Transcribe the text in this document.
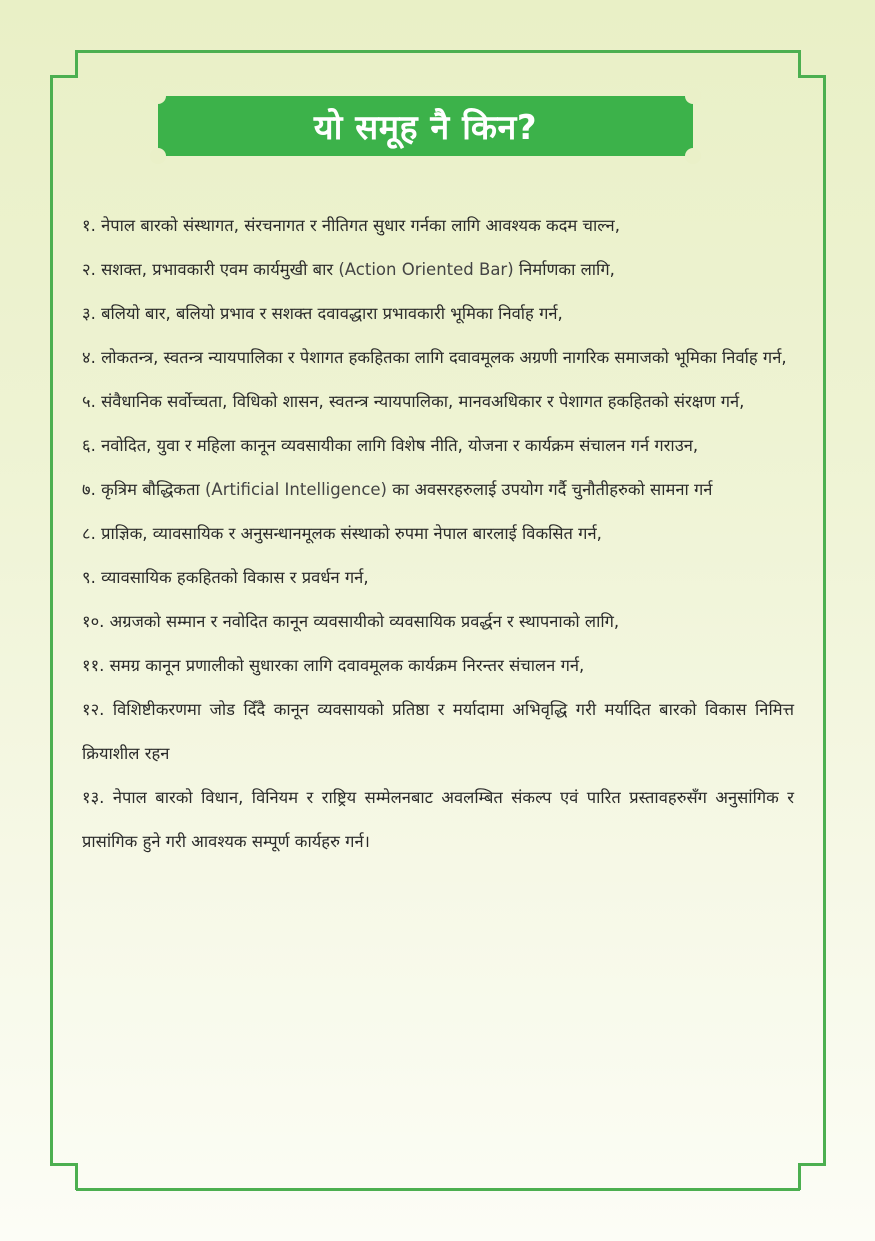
यो समूह नै किन?

१. नेपाल बारको संस्थागत, संरचनागत र नीतिगत सुधार गर्नका लागि आवश्यक कदम चाल्न,

२. सशक्त, प्रभावकारी एवम कार्यमुखी बार (Action Oriented Bar) निर्माणका लागि,

३. बलियो बार, बलियो प्रभाव र सशक्त दवावद्धारा प्रभावकारी भूमिका निर्वाह गर्न,

४. लोकतन्त्र, स्वतन्त्र न्यायपालिका र पेशागत हकहितका लागि दवावमूलक अग्रणी नागरिक समाजको भूमिका निर्वाह गर्न,

५. संवैधानिक सर्वोच्चता, विधिको शासन, स्वतन्त्र न्यायपालिका, मानवअधिकार र पेशागत हकहितको संरक्षण गर्न,

६. नवोदित, युवा र महिला कानून व्यवसायीका लागि विशेष नीति, योजना र कार्यक्रम संचालन गर्न गराउन,

७. कृत्रिम बौद्धिकता (Artificial Intelligence) का अवसरहरुलाई उपयोग गर्दै चुनौतीहरुको सामना गर्न

८. प्राज्ञिक, व्यावसायिक र अनुसन्धानमूलक संस्थाको रुपमा नेपाल बारलाई विकसित गर्न,

९. व्यावसायिक हकहितको विकास र प्रवर्धन गर्न,

१०. अग्रजको सम्मान र नवोदित कानून व्यवसायीको व्यवसायिक प्रवर्द्धन र स्थापनाको लागि,

११. समग्र कानून प्रणालीको सुधारका लागि दवावमूलक कार्यक्रम निरन्तर संचालन गर्न,

१२. विशिष्टीकरणमा जोड दिँदै कानून व्यवसायको प्रतिष्ठा र मर्यादामा अभिवृद्धि गरी मर्यादित बारको विकास निमित्त क्रियाशील रहन

१३. नेपाल बारको विधान, विनियम र राष्ट्रिय सम्मेलनबाट अवलम्बित संकल्प एवं पारित प्रस्तावहरुसँग अनुसांगिक र प्रासांगिक हुने गरी आवश्यक सम्पूर्ण कार्यहरु गर्न।
